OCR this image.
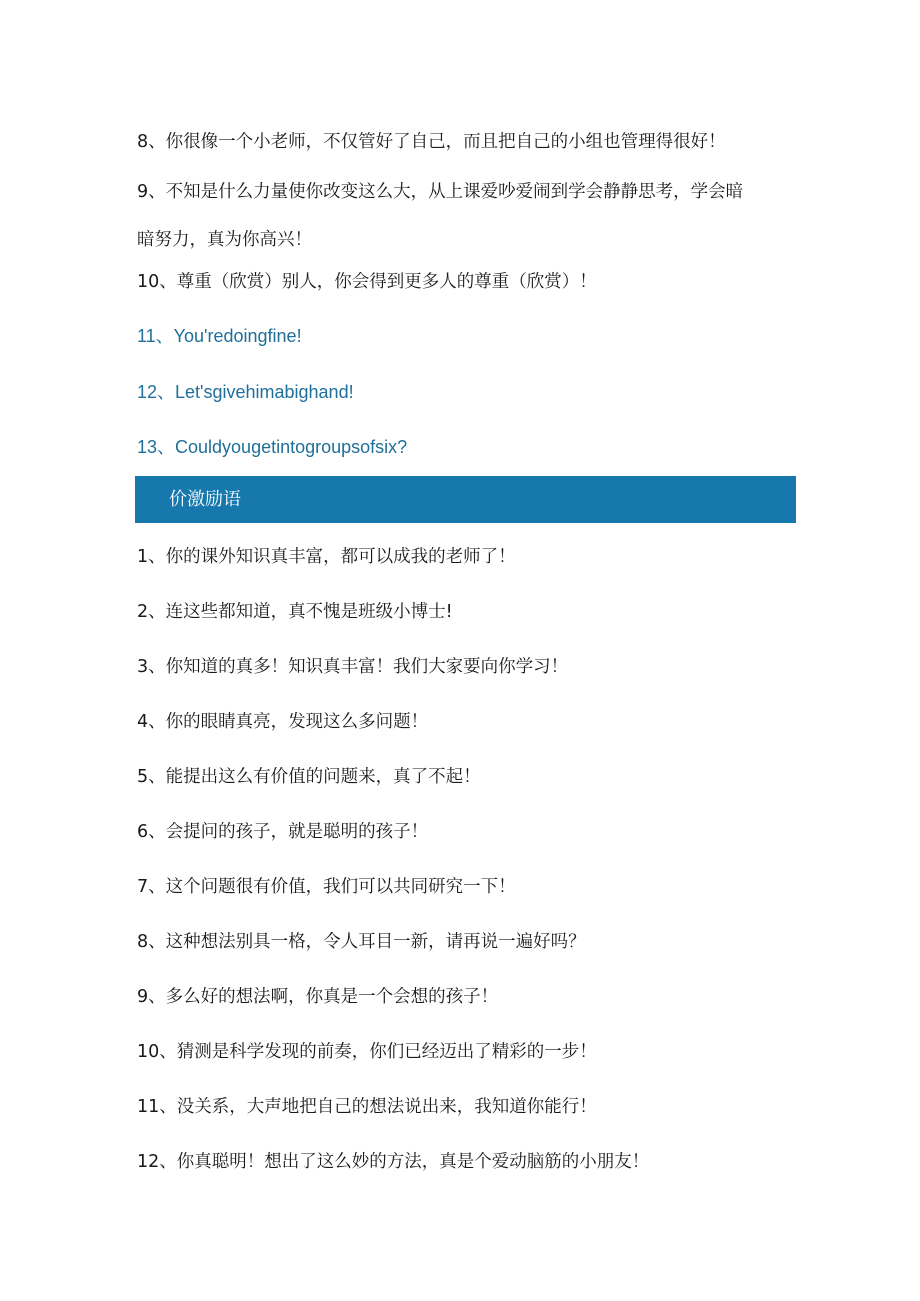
8、你很像一个小老师，不仅管好了自己，而且把自己的小组也管理得很好！
9、不知是什么力量使你改变这么大，从上课爱吵爱闹到学会静静思考，学会暗
暗努力，真为你高兴！
10、尊重（欣赏）别人，你会得到更多人的尊重（欣赏）！
11、You'redoingfine!
12、Let'sgivehimabighand!
13、Couldyougetintogroupsofsix?
价激励语
1、你的课外知识真丰富，都可以成我的老师了！
2、连这些都知道，真不愧是班级小博士!
3、你知道的真多！知识真丰富！我们大家要向你学习！
4、你的眼睛真亮，发现这么多问题！
5、能提出这么有价值的问题来，真了不起！
6、会提问的孩子，就是聪明的孩子！
7、这个问题很有价值，我们可以共同研究一下！
8、这种想法别具一格，令人耳目一新，请再说一遍好吗？
9、多么好的想法啊，你真是一个会想的孩子！
10、猜测是科学发现的前奏，你们已经迈出了精彩的一步！
11、没关系，大声地把自己的想法说出来，我知道你能行！
12、你真聪明！想出了这么妙的方法，真是个爱动脑筋的小朋友！
